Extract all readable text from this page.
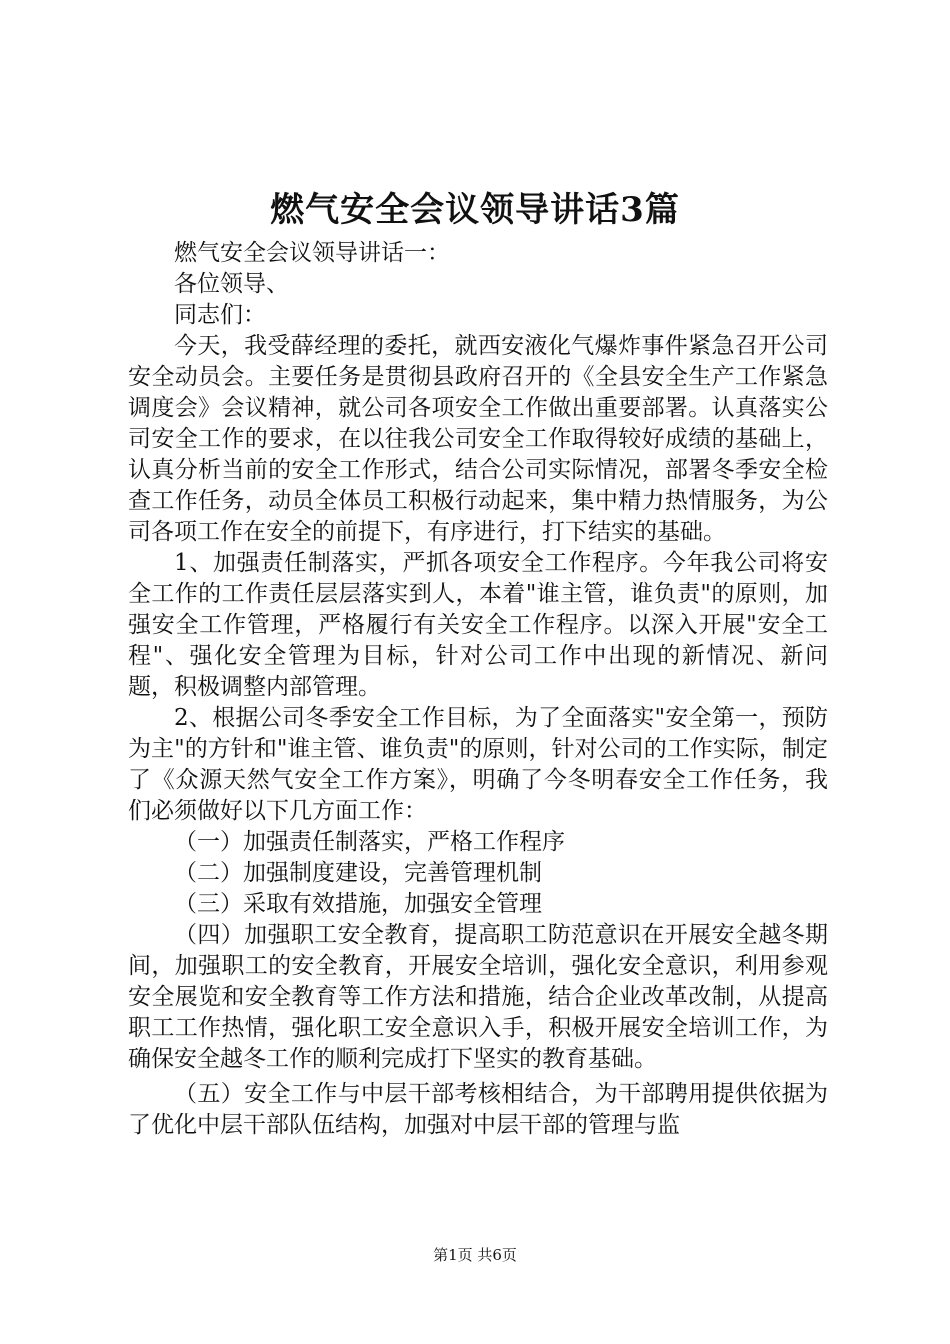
燃气安全会议领导讲话3篇

燃气安全会议领导讲话一：

各位领导、

同志们：

今天，我受薛经理的委托，就西安液化气爆炸事件紧急召开公司安全动员会。主要任务是贯彻县政府召开的《全县安全生产工作紧急调度会》会议精神，就公司各项安全工作做出重要部署。认真落实公司安全工作的要求，在以往我公司安全工作取得较好成绩的基础上，认真分析当前的安全工作形式，结合公司实际情况，部署冬季安全检查工作任务，动员全体员工积极行动起来，集中精力热情服务，为公司各项工作在安全的前提下，有序进行，打下结实的基础。

1、加强责任制落实，严抓各项安全工作程序。今年我公司将安全工作的工作责任层层落实到人，本着"谁主管，谁负责"的原则，加强安全工作管理，严格履行有关安全工作程序。以深入开展"安全工程"、强化安全管理为目标，针对公司工作中出现的新情况、新问题，积极调整内部管理。

2、根据公司冬季安全工作目标，为了全面落实"安全第一，预防为主"的方针和"谁主管、谁负责"的原则，针对公司的工作实际，制定了《众源天然气安全工作方案》，明确了今冬明春安全工作任务，我们必须做好以下几方面工作：

（一）加强责任制落实，严格工作程序

（二）加强制度建设，完善管理机制

（三）采取有效措施，加强安全管理

（四）加强职工安全教育，提高职工防范意识在开展安全越冬期间，加强职工的安全教育，开展安全培训，强化安全意识，利用参观安全展览和安全教育等工作方法和措施，结合企业改革改制，从提高职工工作热情，强化职工安全意识入手，积极开展安全培训工作，为确保安全越冬工作的顺利完成打下坚实的教育基础。

（五）安全工作与中层干部考核相结合，为干部聘用提供依据为了优化中层干部队伍结构，加强对中层干部的管理与监

第1页 共6页
